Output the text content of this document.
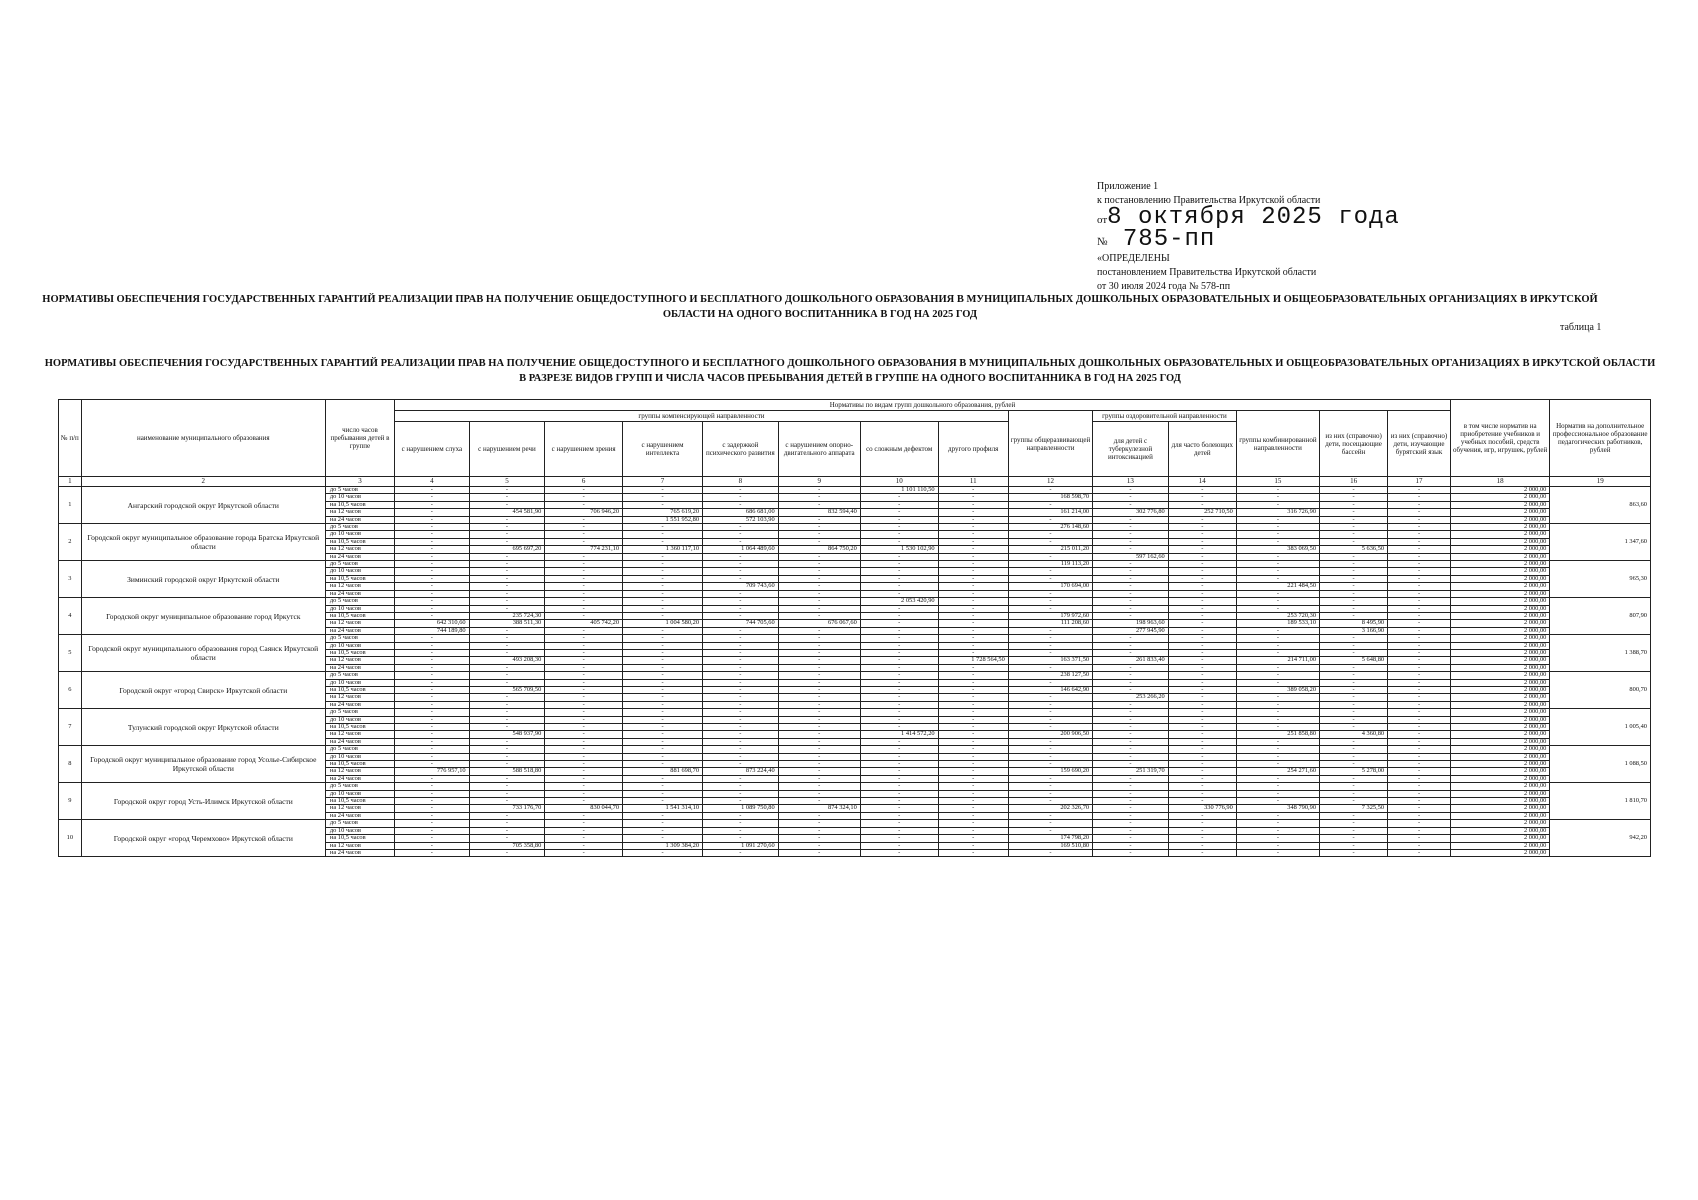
Приложение 1
к постановлению Правительства Иркутской области
от8 октября 2025 года
№ 785-пп
«ОПРЕДЕЛЕНЫ
постановлением Правительства Иркутской области
от 30 июля 2024 года № 578-пп
НОРМАТИВЫ ОБЕСПЕЧЕНИЯ ГОСУДАРСТВЕННЫХ ГАРАНТИЙ РЕАЛИЗАЦИИ ПРАВ НА ПОЛУЧЕНИЕ ОБЩЕДОСТУПНОГО И БЕСПЛАТНОГО ДОШКОЛЬНОГО ОБРАЗОВАНИЯ В МУНИЦИПАЛЬНЫХ ДОШКОЛЬНЫХ ОБРАЗОВАТЕЛЬНЫХ И ОБЩЕОБРАЗОВАТЕЛЬНЫХ ОРГАНИЗАЦИЯХ В ИРКУТСКОЙ ОБЛАСТИ НА ОДНОГО ВОСПИТАННИКА В ГОД НА 2025 ГОД
таблица 1
НОРМАТИВЫ ОБЕСПЕЧЕНИЯ ГОСУДАРСТВЕННЫХ ГАРАНТИЙ РЕАЛИЗАЦИИ ПРАВ НА ПОЛУЧЕНИЕ ОБЩЕДОСТУПНОГО И БЕСПЛАТНОГО ДОШКОЛЬНОГО ОБРАЗОВАНИЯ В МУНИЦИПАЛЬНЫХ ДОШКОЛЬНЫХ ОБРАЗОВАТЕЛЬНЫХ И ОБЩЕОБРАЗОВАТЕЛЬНЫХ ОРГАНИЗАЦИЯХ В ИРКУТСКОЙ ОБЛАСТИ В РАЗРЕЗЕ ВИДОВ ГРУПП И ЧИСЛА ЧАСОВ ПРЕБЫВАНИЯ ДЕТЕЙ В ГРУППЕ НА ОДНОГО ВОСПИТАННИКА В ГОД НА 2025 ГОД
№ п/п	наименование муниципального образования	число часов пребывания детей в группе	Нормативы по видам групп дошкольного образования, рублей														в том числе норматив на приобретение учебников и учебных пособий, средств обучения, игр, игрушек, рублей	Норматив на дополнительное профессиональное образование педагогических работников, рублей
			группы компенсирующей направленности								группы общеразвивающей направленности	группы оздоровительной направленности		группы комбинированной направленности	из них (справочно) дети, посещающие бассейн	из них (справочно) дети, изучающие бурятский язык		
												для детей с туберкулезной интоксикацией	для часто болеющих детей					
			с нарушением слуха	с нарушением речи	с нарушением зрения	с нарушением интеллекта	с задержкой психического развития	с нарушением опорно-двигательного аппарата	со сложным дефектом	другого профиля								
1	2	3	4	5	6	7	8	9	10	11	12	13	14	15	16	17	18	19
1	Ангарский городской округ Иркутской области	до 5 часов	-	-	-	-	-	-	1 101 110,50	-	-	-	-	-	-	-	2 000,00	863,60
		до 10 часов	-	-	-	-	-	-	-	-	168 598,70	-	-	-	-	-	2 000,00	
		на 10,5 часов	-	-	-	-	-	-	-	-	-	-	-	-	-	-	2 000,00	
		на 12 часов	-	454 581,90	706 946,20	765 619,20	686 681,00	832 594,40	-	-	161 214,00	302 776,80	252 710,50	316 726,90	-	-	2 000,00	
		на 24 часов	-	-	-	1 551 952,80	572 103,90	-	-	-	-	-	-	-	-	-	2 000,00	
2	Городской округ муниципальное образование города Братска Иркутской области	до 5 часов	-	-	-	-	-	-	-	-	276 148,60	-	-	-	-	-	2 000,00	1 347,60
		до 10 часов	-	-	-	-	-	-	-	-	-	-	-	-	-	-	2 000,00	
		на 10,5 часов	-	-	-	-	-	-	-	-	-	-	-	-	-	-	2 000,00	
		на 12 часов	-	695 697,20	774 231,10	1 360 117,10	1 064 489,60	864 750,20	1 530 102,90	-	215 011,20	-	-	383 069,50	5 636,50	-	2 000,00	
		на 24 часов	-	-	-	-	-	-	-	-	-	597 162,60	-	-	-	-	2 000,00	
3	Зиминский городской округ Иркутской области	до 5 часов	-	-	-	-	-	-	-	-	119 113,20	-	-	-	-	-	2 000,00	965,30
		до 10 часов	-	-	-	-	-	-	-	-	-	-	-	-	-	-	2 000,00	
		на 10,5 часов	-	-	-	-	-	-	-	-	-	-	-	-	-	-	2 000,00	
		на 12 часов	-	-	-	-	709 743,60	-	-	-	170 694,00	-	-	221 484,50	-	-	2 000,00	
		на 24 часов	-	-	-	-	-	-	-	-	-	-	-	-	-	-	2 000,00	
4	Городской округ муниципальное образование город Иркутск	до 5 часов	-	-	-	-	-	-	2 053 420,90	-	-	-	-	-	-	-	2 000,00	807,90
		до 10 часов	-	-	-	-	-	-	-	-	-	-	-	-	-	-	2 000,00	
		на 10,5 часов	-	235 724,30	-	-	-	-	-	-	179 972,60	-	-	253 720,30	-	-	2 000,00	
		на 12 часов	642 310,60	388 511,30	405 742,20	1 004 580,20	744 705,60	676 067,60	-	-	111 208,60	198 963,60	-	189 533,10	8 495,90	-	2 000,00	
		на 24 часов	744 189,80	-	-	-	-	-	-	-	-	277 945,90	-	-	3 166,90	-	2 000,00	
5	Городской округ муниципального образования город Саянск Иркутской области	до 5 часов	-	-	-	-	-	-	-	-	-	-	-	-	-	-	2 000,00	1 388,70
		до 10 часов	-	-	-	-	-	-	-	-	-	-	-	-	-	-	2 000,00	
		на 10,5 часов	-	-	-	-	-	-	-	-	-	-	-	-	-	-	2 000,00	
		на 12 часов	-	493 208,30	-	-	-	-	-	1 728 564,50	163 371,50	261 833,40	-	214 711,00	5 648,80	-	2 000,00	
		на 24 часов	-	-	-	-	-	-	-	-	-	-	-	-	-	-	2 000,00	
6	Городской округ «город Свирск» Иркутской области	до 5 часов	-	-	-	-	-	-	-	-	238 127,50	-	-	-	-	-	2 000,00	800,70
		до 10 часов	-	-	-	-	-	-	-	-	-	-	-	-	-	-	2 000,00	
		на 10,5 часов	-	565 709,50	-	-	-	-	-	-	146 642,90	-	-	389 058,20	-	-	2 000,00	
		на 12 часов	-	-	-	-	-	-	-	-	-	253 266,20	-	-	-	-	2 000,00	
		на 24 часов	-	-	-	-	-	-	-	-	-	-	-	-	-	-	2 000,00	
7	Тулунский городской округ Иркутской области	до 5 часов	-	-	-	-	-	-	-	-	-	-	-	-	-	-	2 000,00	1 005,40
		до 10 часов	-	-	-	-	-	-	-	-	-	-	-	-	-	-	2 000,00	
		на 10,5 часов	-	-	-	-	-	-	-	-	-	-	-	-	-	-	2 000,00	
		на 12 часов	-	548 937,90	-	-	-	-	1 414 572,20	-	200 906,50	-	-	251 858,80	4 360,80	-	2 000,00	
		на 24 часов	-	-	-	-	-	-	-	-	-	-	-	-	-	-	2 000,00	
8	Городской округ муниципальное образование город Усолье-Сибирское Иркутской области	до 5 часов	-	-	-	-	-	-	-	-	-	-	-	-	-	-	2 000,00	1 088,50
		до 10 часов	-	-	-	-	-	-	-	-	-	-	-	-	-	-	2 000,00	
		на 10,5 часов	-	-	-	-	-	-	-	-	-	-	-	-	-	-	2 000,00	
		на 12 часов	776 957,10	588 518,80	-	881 698,70	873 224,40	-	-	-	159 690,20	251 319,70	-	254 271,60	5 278,00	-	2 000,00	
		на 24 часов	-	-	-	-	-	-	-	-	-	-	-	-	-	-	2 000,00	
9	Городской округ город Усть-Илимск Иркутской области	до 5 часов	-	-	-	-	-	-	-	-	-	-	-	-	-	-	2 000,00	1 810,70
		до 10 часов	-	-	-	-	-	-	-	-	-	-	-	-	-	-	2 000,00	
		на 10,5 часов	-	-	-	-	-	-	-	-	-	-	-	-	-	-	2 000,00	
		на 12 часов	-	733 176,70	830 044,70	1 541 314,10	1 089 750,80	874 324,10	-	-	202 326,70	-	330 776,90	348 790,90	7 325,50	-	2 000,00	
		на 24 часов	-	-	-	-	-	-	-	-	-	-	-	-	-	-	2 000,00	
10	Городской округ «город Черемхово» Иркутской области	до 5 часов	-	-	-	-	-	-	-	-	-	-	-	-	-	-	2 000,00	942,20
		до 10 часов	-	-	-	-	-	-	-	-	-	-	-	-	-	-	2 000,00	
		на 10,5 часов	-	-	-	-	-	-	-	-	174 798,20	-	-	-	-	-	2 000,00	
		на 12 часов	-	705 358,80	-	1 309 384,20	1 091 270,60	-	-	-	169 510,80	-	-	-	-	-	2 000,00	
		на 24 часов	-	-	-	-	-	-	-	-	-	-	-	-	-	-	2 000,00	
